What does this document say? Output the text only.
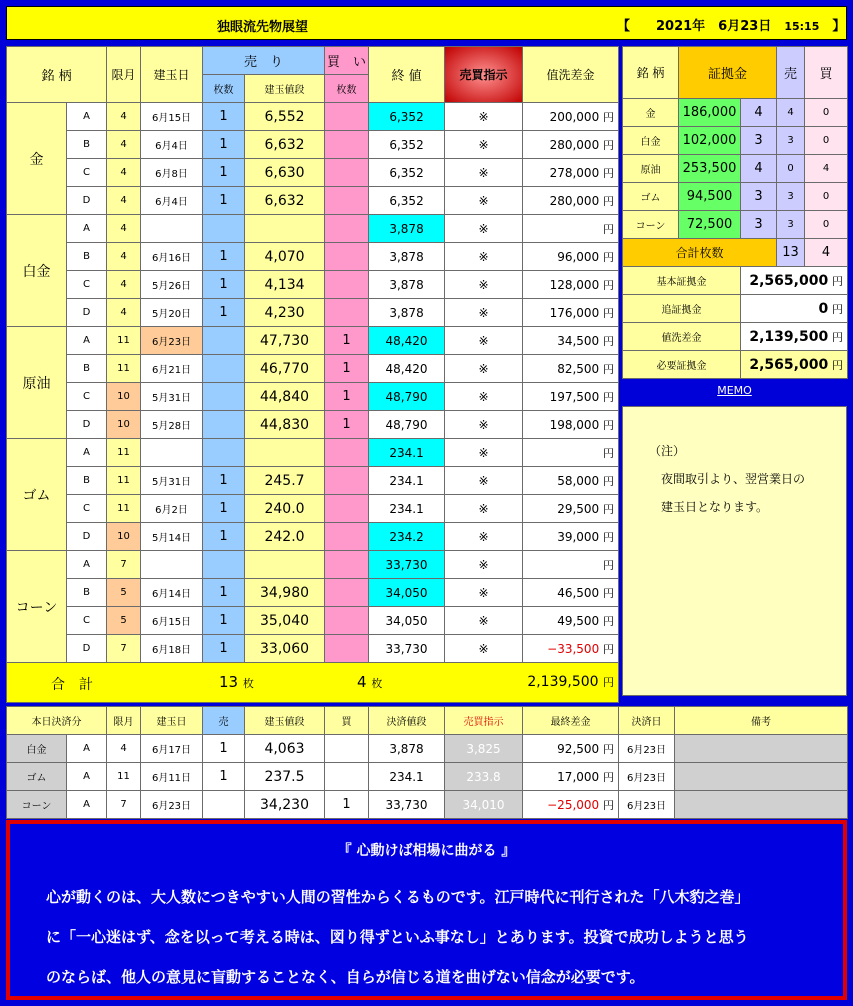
独眼流先物展望	【　　2021年　6月23日　15:15　】
銘 柄		限月	建玉日	売　り		買　い	終 値	売買指示	值洗差金
				枚数	建玉値段	枚数			
金	A	4	6月15日	1	6,552		6,352	※	200,000 円
	B	4	6月4日	1	6,632		6,352	※	280,000 円
	C	4	6月8日	1	6,630		6,352	※	278,000 円
	D	4	6月4日	1	6,632		6,352	※	280,000 円
白金	A	4					3,878	※	円
	B	4	6月16日	1	4,070		3,878	※	96,000 円
	C	4	5月26日	1	4,134		3,878	※	128,000 円
	D	4	5月20日	1	4,230		3,878	※	176,000 円
原油	A	11	6月23日		47,730	1	48,420	※	34,500 円
	B	11	6月21日		46,770	1	48,420	※	82,500 円
	C	10	5月31日		44,840	1	48,790	※	197,500 円
	D	10	5月28日		44,830	1	48,790	※	198,000 円
ゴム	A	11					234.1	※	円
	B	11	5月31日	1	245.7		234.1	※	58,000 円
	C	11	6月2日	1	240.0		234.1	※	29,500 円
	D	10	5月14日	1	242.0		234.2	※	39,000 円
コーン	A	7					33,730	※	円
	B	5	6月14日	1	34,980		34,050	※	46,500 円
	C	5	6月15日	1	35,040		34,050	※	49,500 円
	D	7	6月18日	1	33,060		33,730	※	−33,500 円

合　計 13 枚 4 枚 2,139,500 円									
銘 柄	証拠金		売	買
金	186,000	4	4	0
白金	102,000	3	3	0
原油	253,500	4	0	4
ゴム	94,500	3	3	0
コーン	72,500	3	3	0
合計枚数			13	4
基本証拠金		2,565,000 円		
追証拠金		0 円		
値洗差金		2,139,500 円		
必要証拠金		2,565,000 円		
MEMO
（注）
　夜間取引より、翌営業日の
　建玉日となります。
本日決済分		限月	建玉日	売	建玉値段	買	決済値段	売買指示	最終差金	決済日	備考
白金	A	4	6月17日	1	4,063		3,878	3,825	92,500 円	6月23日	
ゴム	A	11	6月11日	1	237.5		234.1	233.8	17,000 円	6月23日	
コーン	A	7	6月23日		34,230	1	33,730	34,010	−25,000 円	6月23日	
『 心動けば相場に曲がる 』
心が動くのは、大人数につきやすい人間の習性からくるものです。江戸時代に刊行された「八木豹之巻」
に「一心迷はず、念を以って考える時は、図り得ずといふ事なし」とあります。投資で成功しようと思う
のならば、他人の意見に盲動することなく、自らが信じる道を曲げない信念が必要です。
